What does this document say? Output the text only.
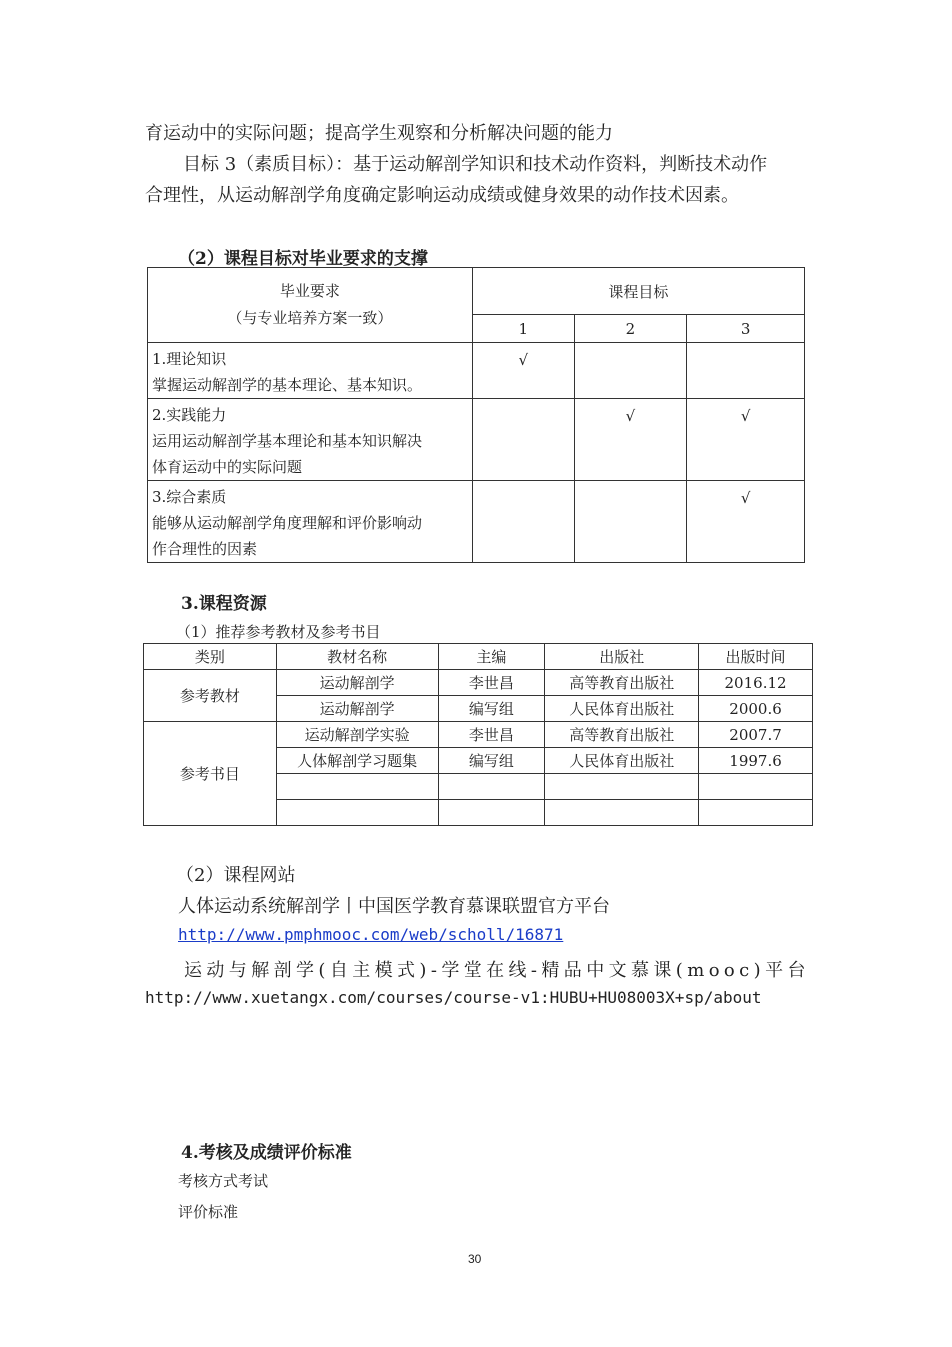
育运动中的实际问题；提高学生观察和分析解决问题的能力
目标 3（素质目标）：基于运动解剖学知识和技术动作资料，判断技术动作
合理性，从运动解剖学角度确定影响运动成绩或健身效果的动作技术因素。
（2）课程目标对毕业要求的支撑
毕业要求
（与专业培养方案一致）	课程目标		
	1	2	3

1.理论知识
掌握运动解剖学的基本理论、基本知识。	√		

2.实践能力
运用运动解剖学基本理论和基本知识解决
体育运动中的实际问题		√	√

3.综合素质
能够从运动解剖学角度理解和评价影响动
作合理性的因素			√
3.课程资源
（1）推荐参考教材及参考书目
类别	教材名称	主编	出版社	出版时间
参考教材	运动解剖学	李世昌	高等教育出版社	2016.12
	运动解剖学	编写组	人民体育出版社	2000.6
参考书目	运动解剖学实验	李世昌	高等教育出版社	2007.7
	人体解剖学习题集	编写组	人民体育出版社	1997.6

（2）课程网站
人体运动系统解剖学丨中国医学教育慕课联盟官方平台
http://www.pmphmooc.com/web/scholl/16871
运动与解剖学(自主模式)-学堂在线-精品中文慕课(mooc)平台
http://www.xuetangx.com/courses/course-v1:HUBU+HU08003X+sp/about
4.考核及成绩评价标准
考核方式考试
评价标准
30
